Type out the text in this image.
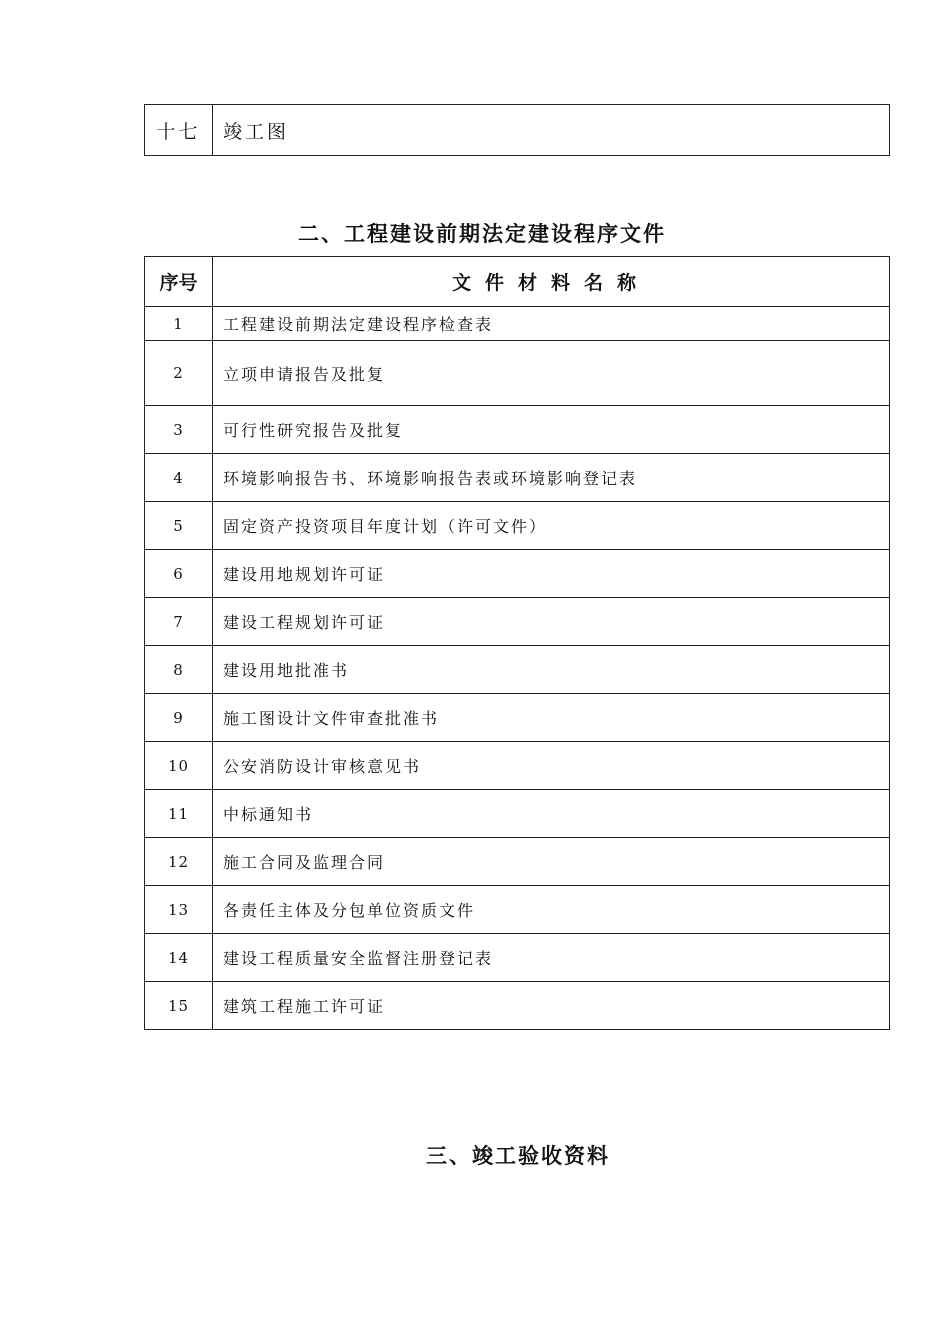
十七	竣工图
二、工程建设前期法定建设程序文件
序号	文件材料名称
1	工程建设前期法定建设程序检查表
2	立项申请报告及批复
3	可行性研究报告及批复
4	环境影响报告书、环境影响报告表或环境影响登记表
5	固定资产投资项目年度计划（许可文件）
6	建设用地规划许可证
7	建设工程规划许可证
8	建设用地批准书
9	施工图设计文件审查批准书
10	公安消防设计审核意见书
11	中标通知书
12	施工合同及监理合同
13	各责任主体及分包单位资质文件
14	建设工程质量安全监督注册登记表
15	建筑工程施工许可证
三、竣工验收资料
